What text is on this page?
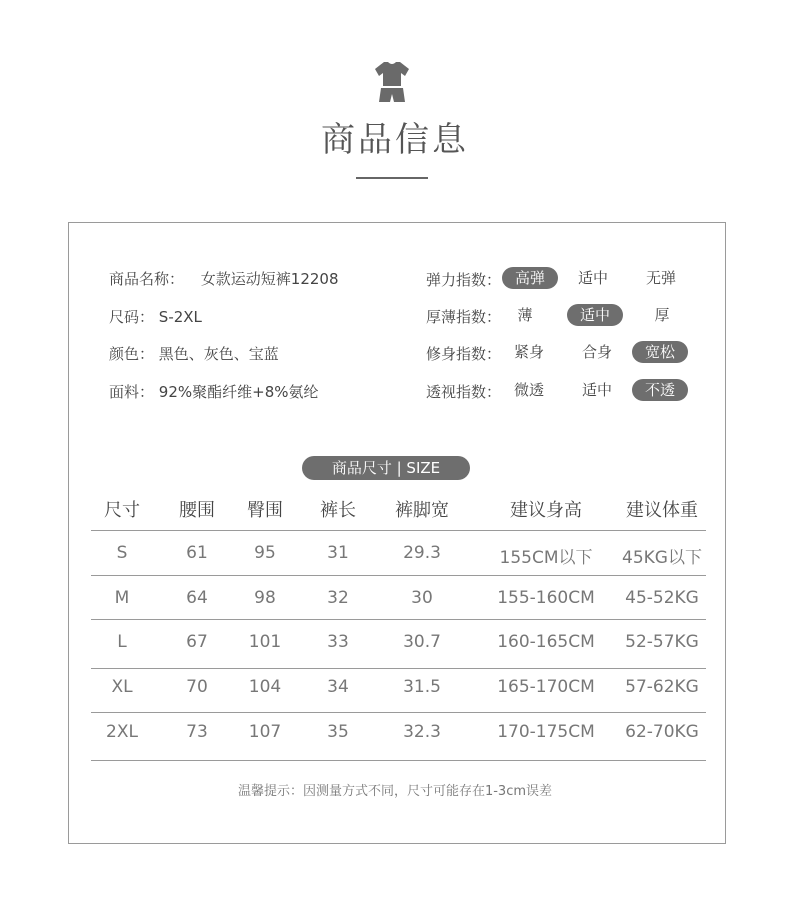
商品信息
商品名称： 女款运动短裤12208
尺码： S-2XL
颜色： 黑色、灰色、宝蓝
面料： 92%聚酯纤维+8%氨纶
弹力指数： 高弹	适中	无弹
厚薄指数：	薄	适中	厚
修身指数： 紧身	合身	宽松
透视指数： 微透	适中	不透
商品尺寸 | SIZE
尺寸	腰围	臀围	裤长	裤脚宽	建议身高	建议体重
S	61	95	31	29.3	155CM以下	45KG以下
M	64	98	32	30	155-160CM	45-52KG
L	67	101	33	30.7	160-165CM	52-57KG
XL	70	104	34	31.5	165-170CM	57-62KG
2XL	73	107	35	32.3	170-175CM	62-70KG
温馨提示：因测量方式不同，尺寸可能存在1-3cm误差
